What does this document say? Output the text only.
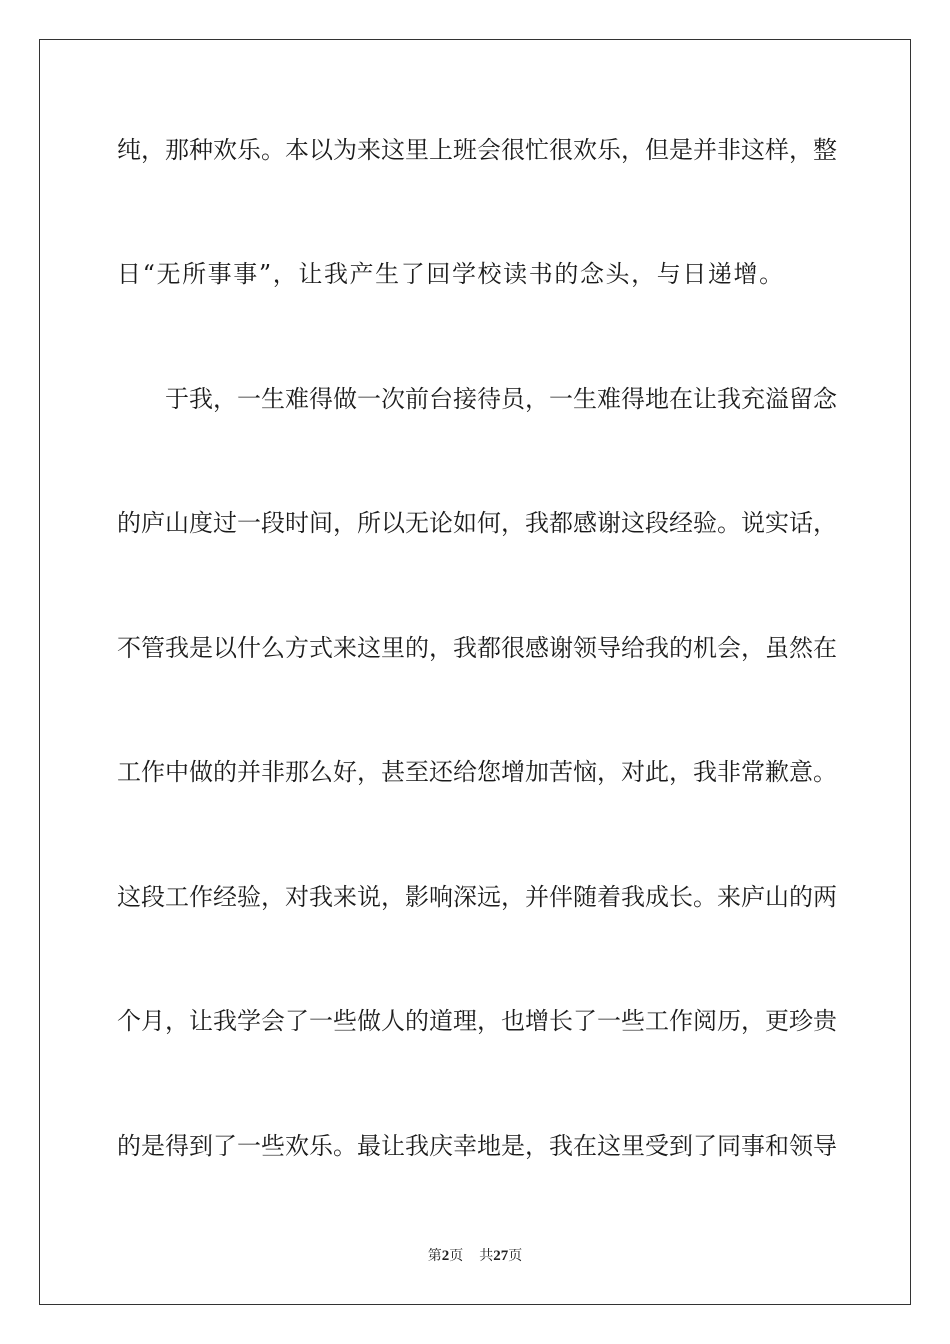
纯，那种欢乐。本以为来这里上班会很忙很欢乐，但是并非这样，整
日“无所事事”，让我产生了回学校读书的念头，与日递增。
于我，一生难得做一次前台接待员，一生难得地在让我充溢留念
的庐山度过一段时间，所以无论如何，我都感谢这段经验。说实话，
不管我是以什么方式来这里的，我都很感谢领导给我的机会，虽然在
工作中做的并非那么好，甚至还给您增加苦恼，对此，我非常歉意。
这段工作经验，对我来说，影响深远，并伴随着我成长。来庐山的两
个月，让我学会了一些做人的道理，也增长了一些工作阅历，更珍贵
的是得到了一些欢乐。最让我庆幸地是，我在这里受到了同事和领导
第2页 共27页
